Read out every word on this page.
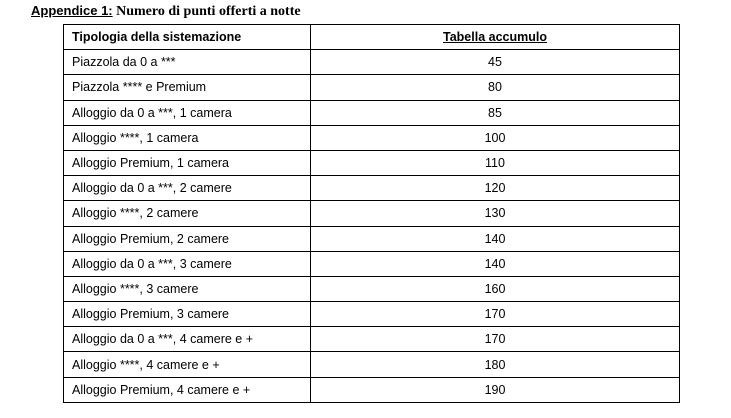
Appendice 1: Numero di punti offerti a notte
Tipologia della sistemazione	Tabella accumulo
Piazzola da 0 a ***	45
Piazzola **** e Premium	80
Alloggio da 0 a ***, 1 camera	85
Alloggio ****, 1 camera	100
Alloggio Premium, 1 camera	110
Alloggio da 0 a ***, 2 camere	120
Alloggio ****, 2 camere	130
Alloggio Premium, 2 camere	140
Alloggio da 0 a ***, 3 camere	140
Alloggio ****, 3 camere	160
Alloggio Premium, 3 camere	170
Alloggio da 0 a ***, 4 camere e +	170
Alloggio ****, 4 camere e +	180
Alloggio Premium, 4 camere e +	190
